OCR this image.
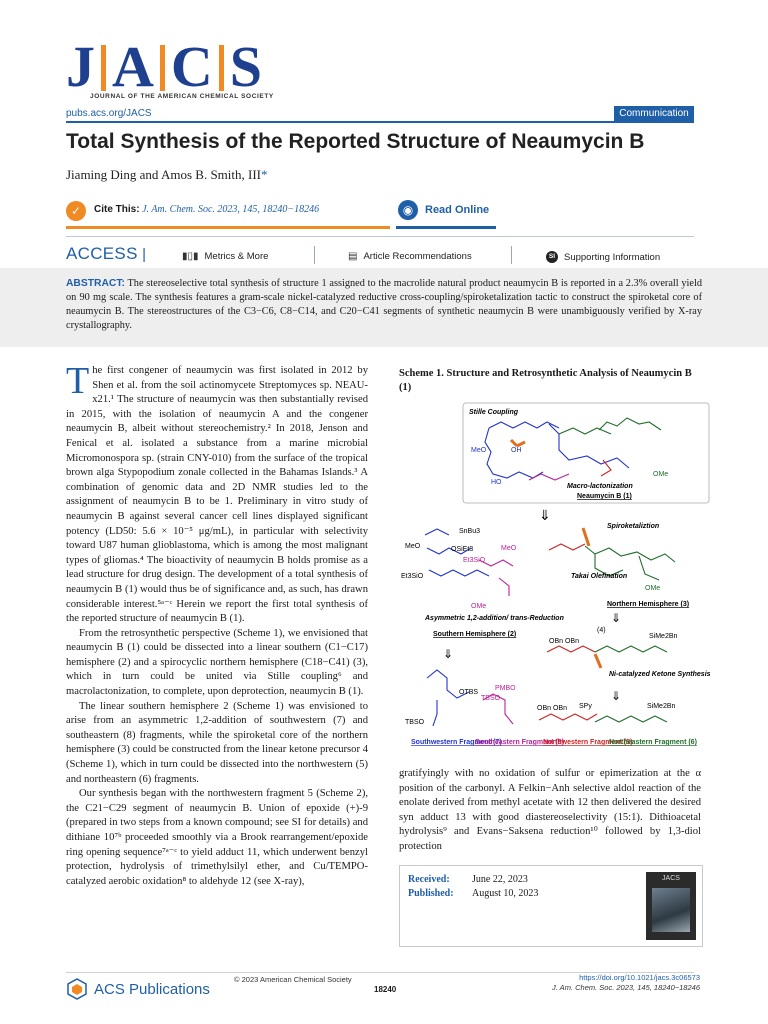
J A C S
JOURNAL OF THE AMERICAN CHEMICAL SOCIETY
pubs.acs.org/JACS	Communication
Total Synthesis of the Reported Structure of Neaumycin B
Jiaming Ding and Amos B. Smith, III*
✓	Cite This: J. Am. Chem. Soc. 2023, 145, 18240−18246	◉	Read Online
ACCESS |	▮▯▮ Metrics & More	▤ Article Recommendations	SI Supporting Information
ABSTRACT: The stereoselective total synthesis of structure 1 assigned to the macrolide natural product neaumycin B is reported in a 2.3% overall yield on 90 mg scale. The synthesis features a gram-scale nickel-catalyzed reductive cross-coupling/spiroketalization tactic to construct the spiroketal core of neaumycin B. The stereostructures of the C3−C6, C8−C14, and C20−C41 segments of synthetic neaumycin B were unambiguously verified by X-ray crystallography.

The first congener of neaumycin was first isolated in 2012 by Shen et al. from the soil actinomycete Streptomyces sp. NEAU-x21.¹ The structure of neaumycin was then substantially revised in 2015, with the isolation of neaumycin A and the congener neaumycin B, albeit without stereochemistry.² In 2018, Jenson and Fenical et al. isolated a substance from a marine microbial Micromonospora sp. (strain CNY-010) from the surface of the tropical brown alga Stypopodium zonale collected in the Bahamas Islands.³ A combination of genomic data and 2D NMR studies led to the assignment of neaumycin B to be 1. Preliminary in vitro study of neaumycin B against several cancer cell lines displayed significant potency (LD50: 5.6 × 10⁻⁵ μg/mL), in particular with selectivity toward U87 human glioblastoma, which is among the most malignant types of gliomas.⁴ The bioactivity of neaumycin B holds promise as a lead structure for drug design. The development of a total synthesis of neaumycin B (1) would thus be of significance and, as such, has drawn considerable interest.⁵ᵃ⁻ᶜ Herein we report the first total synthesis of the reported structure of neaumycin B (1).

From the retrosynthetic perspective (Scheme 1), we envisioned that neaumycin B (1) could be dissected into a linear southern (C1−C17) hemisphere (2) and a spirocyclic northern hemisphere (C18−C41) (3), which in turn could be united via Stille coupling⁶ and macrolactonization, to complete, upon deprotection, neaumycin B (1).

The linear southern hemisphere 2 (Scheme 1) was envisioned to arise from an asymmetric 1,2-addition of southwestern (7) and southeastern (8) fragments, while the spiroketal core of the northern hemisphere (3) could be constructed from the linear ketone precursor 4 (Scheme 1), which in turn could be dissected into the northwestern (5) and northeastern (6) fragments.

Our synthesis began with the northwestern fragment 5 (Scheme 2), the C21−C29 segment of neaumycin B. Union of epoxide (+)-9 (prepared in two steps from a known compound; see SI for details) and dithiane 10⁷ᵇ proceeded smoothly via a Brook rearrangement/epoxide ring opening sequence⁷ᵃ⁻ᶜ to yield adduct 11, which underwent benzyl protection, hydrolysis of trimethylsilyl ether, and Cu/TEMPO-catalyzed aerobic oxidation⁸ to aldehyde 12 (see X-ray),

Scheme 1. Structure and Retrosynthetic Analysis of Neaumycin B (1)
Stille Coupling
Macro-lactonization
Neaumycin B (1)
MeO	OH
HO
OMe
⇓
SnBu3
MeO	OSiEt3
Et3SiO
Et3SiO
MeO
OMe
Asymmetric 1,2-addition/ trans-Reduction
Southern Hemisphere (2)
Spiroketaliztion
Takai Olefination
OMe
Northern Hemisphere (3)
⇓
OBn OBn
(4)
SiMe2Bn
Ni-catalyzed Ketone Synthesis
⇓
OBn OBn SPy	SiMe2Bn
⇓
OTBS
TBSO
TBSO
PMBO
Southwestern Fragment (7)
Southeastern Fragment (8)
Northwestern Fragment (5)
Northeastern Fragment (6)

gratifyingly with no oxidation of sulfur or epimerization at the α position of the carbonyl. A Felkin−Anh selective aldol reaction of the enolate derived from methyl acetate with 12 then delivered the desired syn adduct 13 with good diastereoselectivity (15:1). Dithioacetal hydrolysis⁹ and Evans−Saksena reduction¹⁰ followed by 1,3-diol protection

Received: June 22, 2023
Published: August 10, 2023
JACS
ACS Publications
© 2023 American Chemical Society
18240
https://doi.org/10.1021/jacs.3c06573
J. Am. Chem. Soc. 2023, 145, 18240−18246
